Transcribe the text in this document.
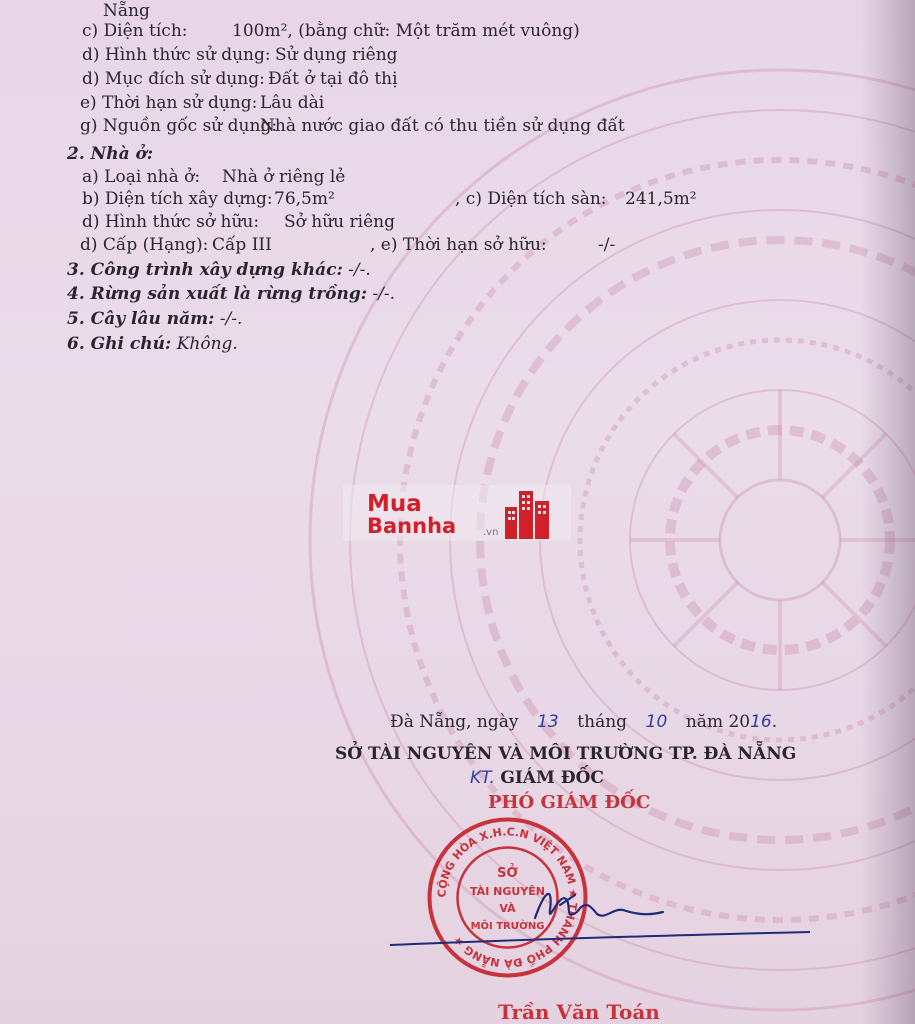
Nẵng
c) Diện tích:	100m², (bằng chữ: Một trăm mét vuông)
d) Hình thức sử dụng: Sử dụng riêng
d) Mục đích sử dụng: Đất ở tại đô thị
e) Thời hạn sử dụng: Lâu dài
g) Nguồn gốc sử dụng:
Nhà nước giao đất có thu tiền sử dụng đất
2. Nhà ở:
a) Loại nhà ở: Nhà ở riêng lẻ
b) Diện tích xây dựng: 76,5m²	, c) Diện tích sàn: 241,5m²
d) Hình thức sở hữu: Sở hữu riêng
d) Cấp (Hạng): Cấp III	, e) Thời hạn sở hữu:	-/-
3. Công trình xây dựng khác: -/-.
4. Rừng sản xuất là rừng trồng: -/-.
5. Cây lâu năm: -/-.
6. Ghi chú: Không.
Mua
Bannha	.vn
Đà Nẵng, ngày 13 tháng 10 năm 2016.
SỞ TÀI NGUYÊN VÀ MÔI TRƯỜNG TP. ĐÀ NẴNG
KT. GIÁM ĐỐC
PHÓ GIÁM ĐỐC
CỘNG HÒA X.H.C.N VIỆT NAM ★ THÀNH PHỐ ĐÀ NẴNG ★
SỞ
TÀI NGUYÊN
VÀ
MÔI TRƯỜNG
Trần Văn Toán
